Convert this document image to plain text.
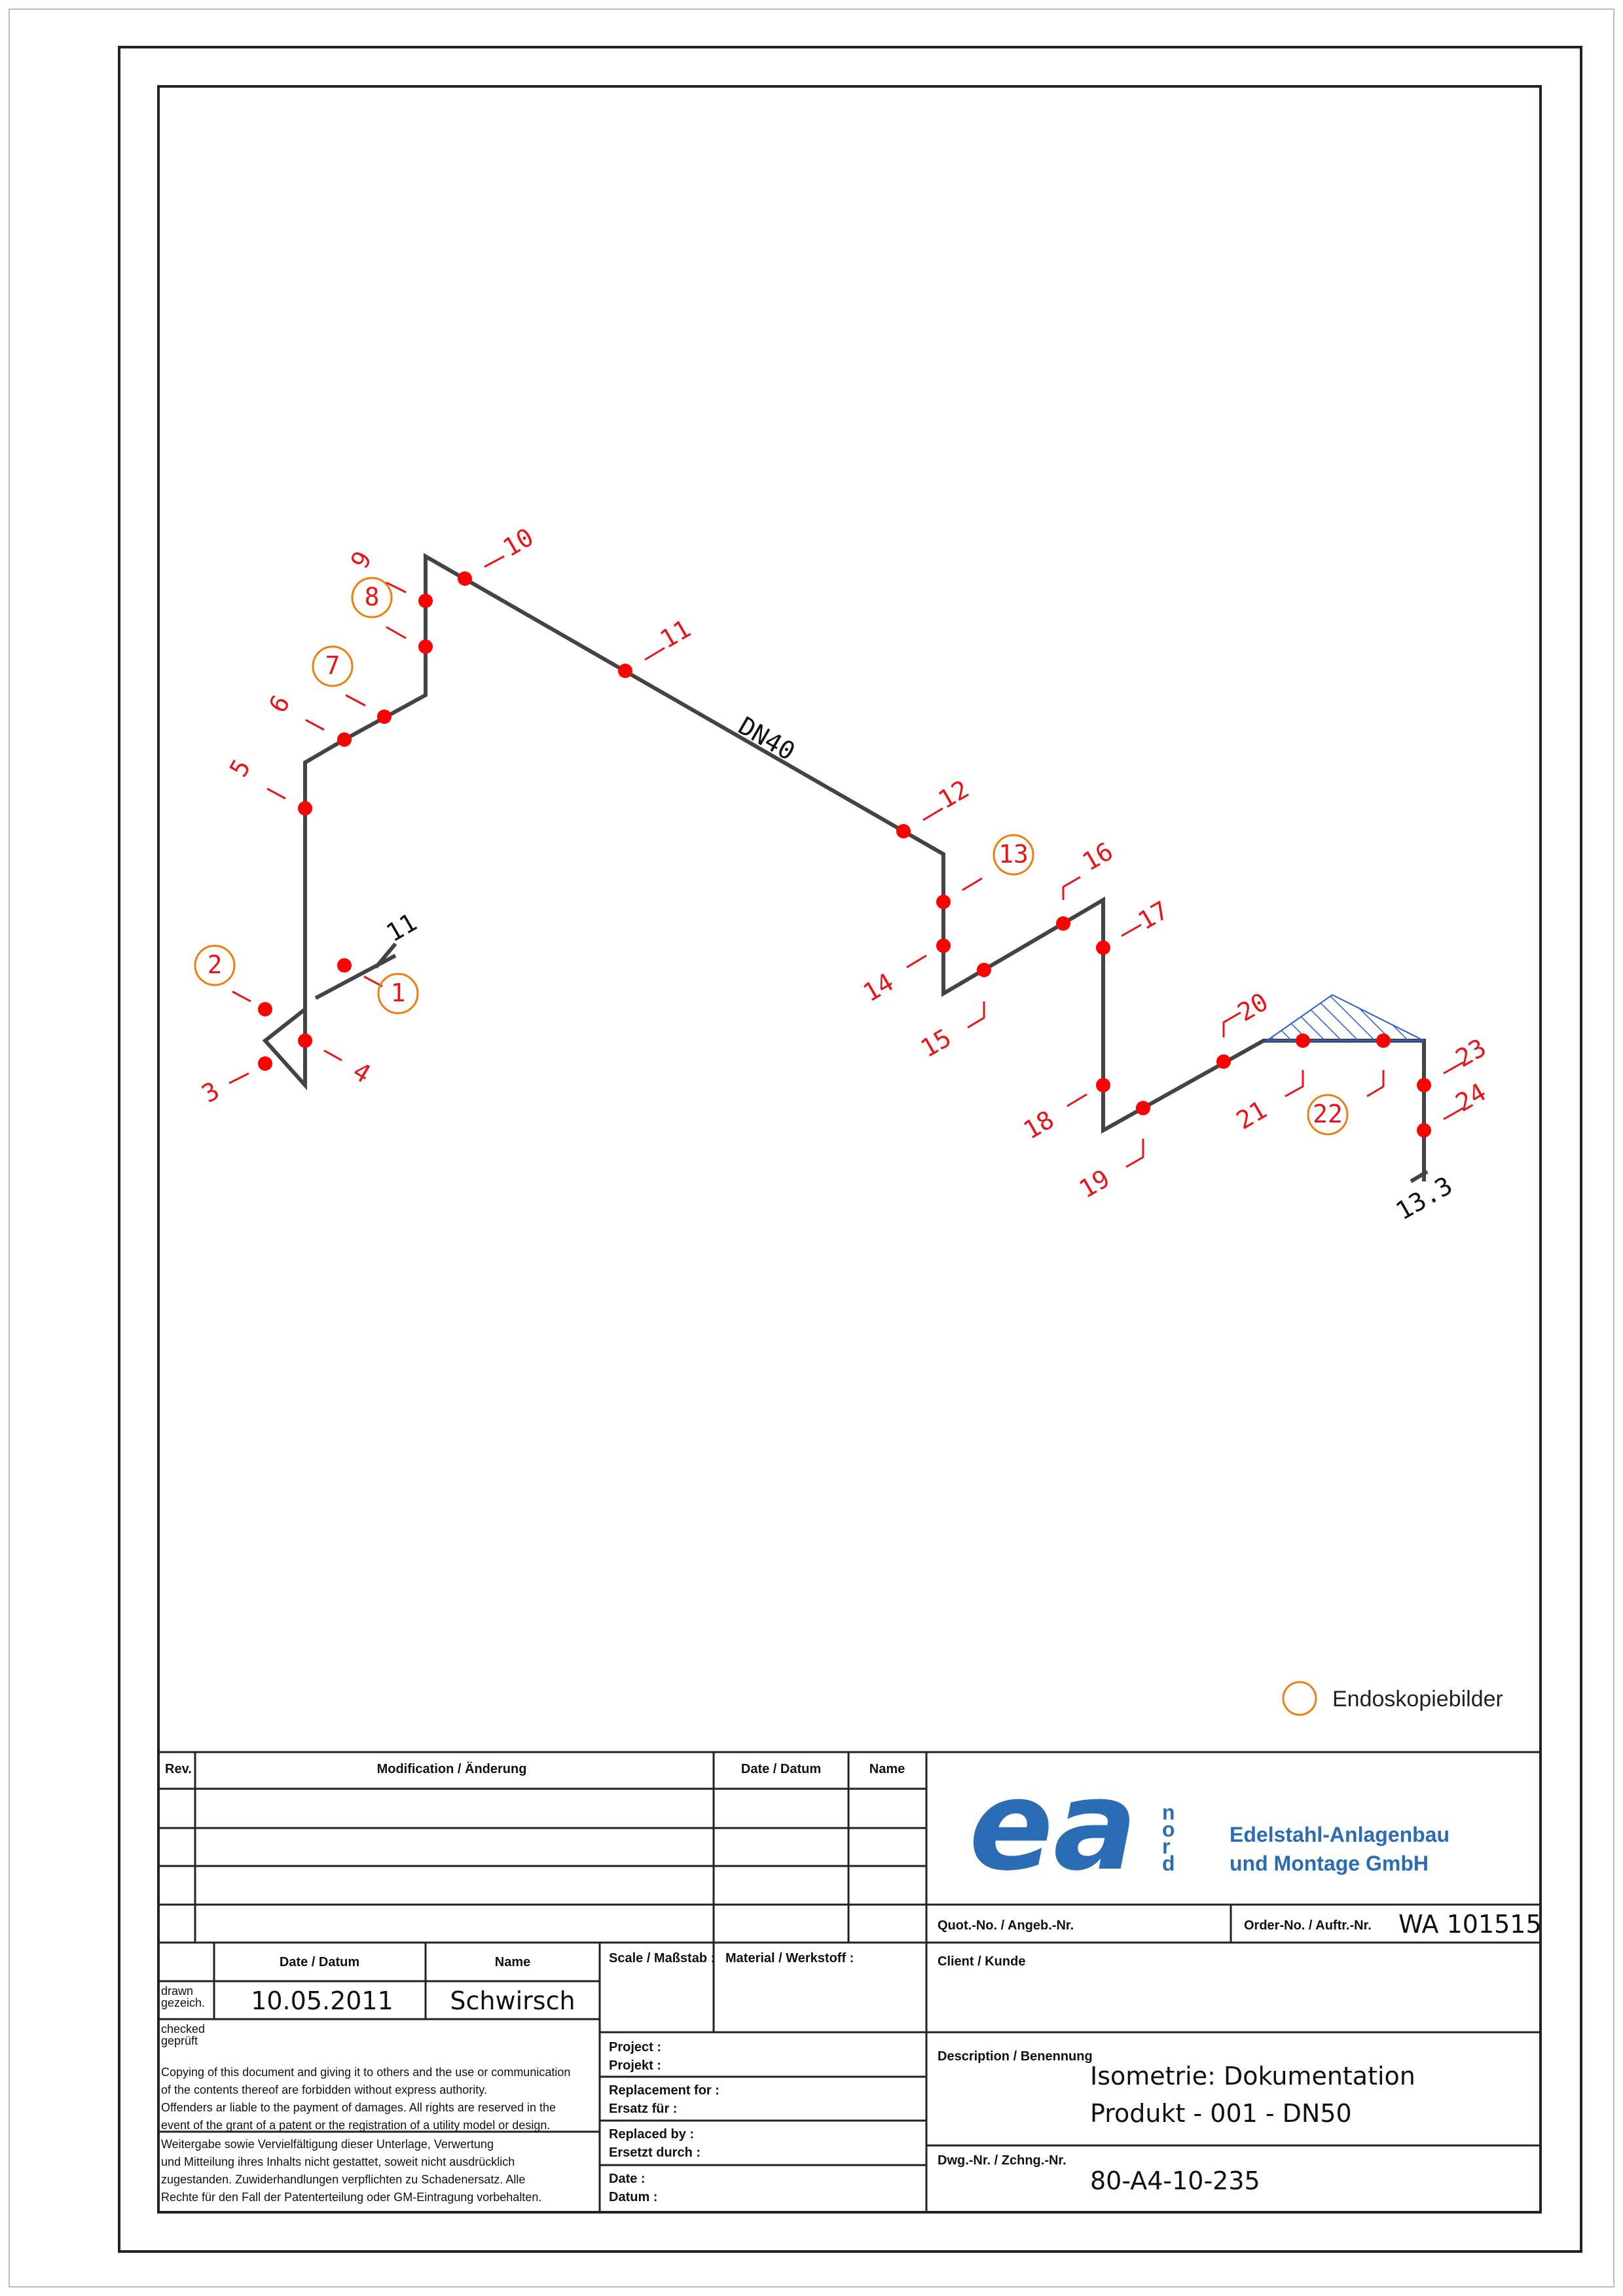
DN40
11
13.3
1
2
3
4
5
6
7
8
9	10
11
12
13
14
15
16
17
18
19
20
21 22
23
24
Endoskopiebilder
Rev.	Modification / Änderung	Date / Datum	Name
Date / Datum	Name
drawn gezeich. 10.05.2011 Schwirsch
checked geprüft
Scale / Maßstab : Material / Werkstoff :
Project : Projekt :
Replacement for : Ersatz für :
Replaced by : Ersetzt durch :
Date : Datum :
Copying of this document and giving it to others and the use or communication of the contents thereof are forbidden without express authority. Offenders ar liable to the payment of damages. All rights are reserved in the event of the grant of a patent or the registration of a utility model or design.
Weitergabe sowie Vervielfältigung dieser Unterlage, Verwertung und Mitteilung ihres Inhalts nicht gestattet, soweit nicht ausdrücklich zugestanden. Zuwiderhandlungen verpflichten zu Schadenersatz. Alle Rechte für den Fall der Patenterteilung oder GM-Eintragung vorbehalten.
ea n o r d
Edelstahl-Anlagenbau
und Montage GmbH
Quot.-No. / Angeb.-Nr.	Order-No. / Auftr.-Nr. WA 101515
Client / Kunde
Description / Benennung
Isometrie: Dokumentation
Produkt - 001 - DN50
Dwg.-Nr. / Zchng.-Nr.
80-A4-10-235
